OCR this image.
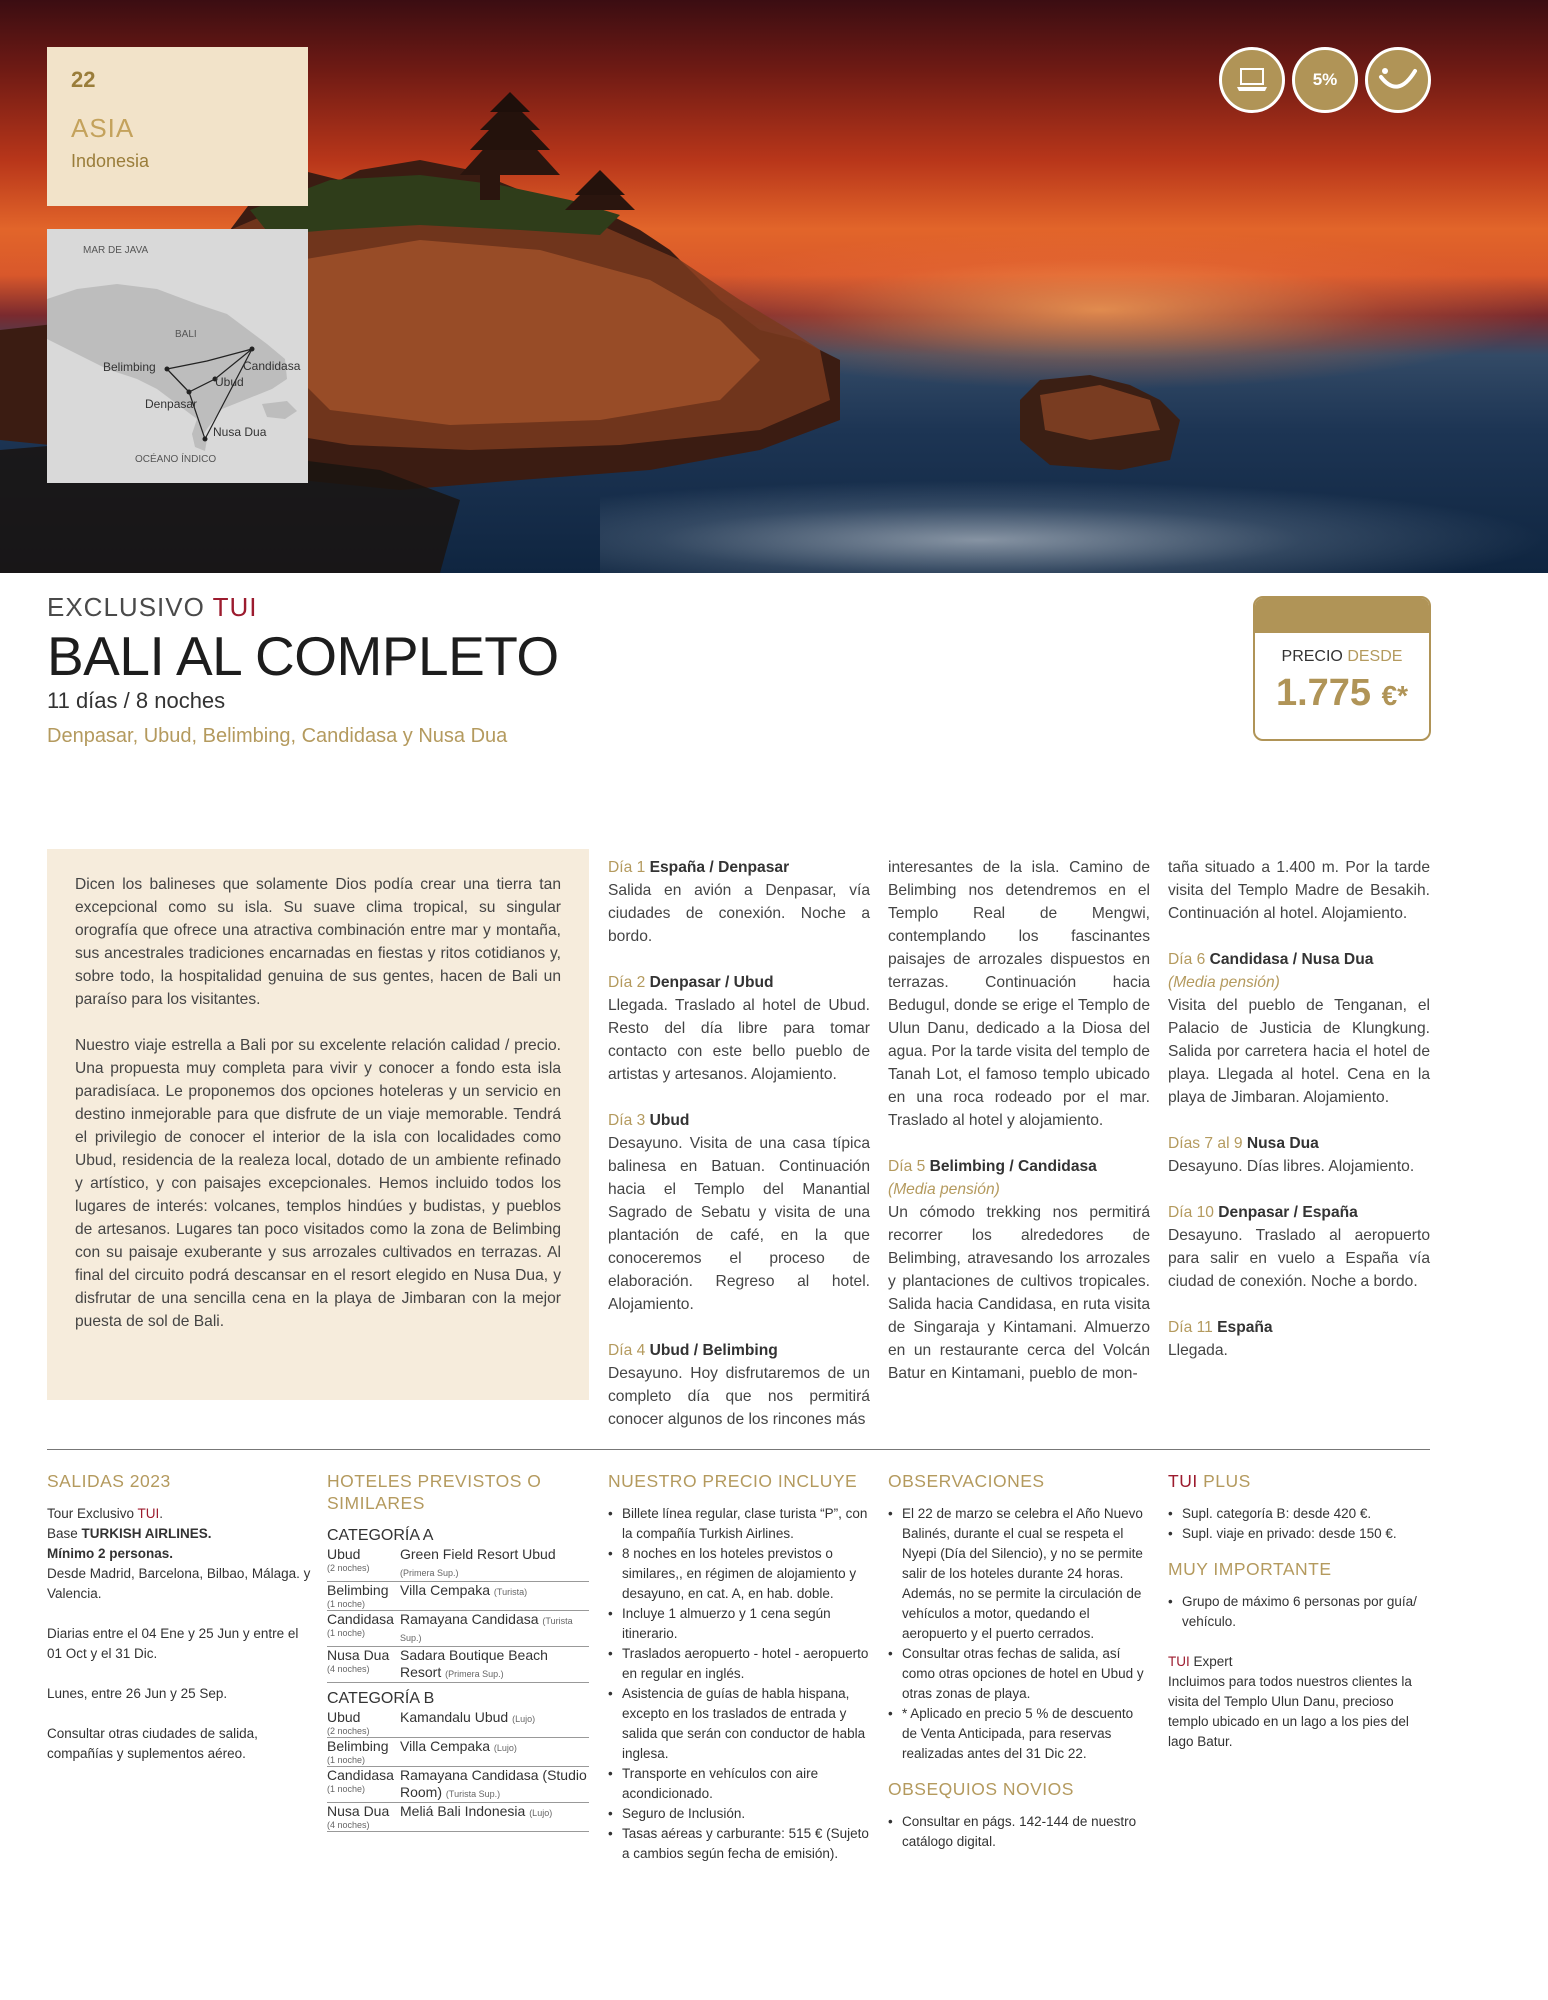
22
ASIA
Indonesia
MAR DE JAVA
BALI
OCÉANO ÍNDICO
Belimbing	Candidasa
Ubud
Denpasar
Nusa Dua
5%
EXCLUSIVO TUI
BALI AL COMPLETO
11 días / 8 noches
Denpasar, Ubud, Belimbing, Candidasa y Nusa Dua
PRECIO DESDE
1.775 €*

Dicen los balineses que solamente Dios podía crear una tierra tan excepcional como su isla. Su suave clima tropical, su singular orografía que ofrece una atractiva combinación entre mar y montaña, sus ancestrales tradiciones encarnadas en fiestas y ritos cotidianos y, sobre todo, la hospitalidad genuina de sus gentes, hacen de Bali un paraíso para los visitantes.

Nuestro viaje estrella a Bali por su excelente relación calidad / precio. Una propuesta muy completa para vivir y conocer a fondo esta isla paradisíaca. Le proponemos dos opciones hoteleras y un servicio en destino inmejorable para que disfrute de un viaje memorable. Tendrá el privilegio de conocer el interior de la isla con localidades como Ubud, residencia de la realeza local, dotado de un ambiente refinado y artístico, y con paisajes excepcionales. Hemos incluido todos los lugares de interés: volcanes, templos hindúes y budistas, y pueblos de artesanos. Lugares tan poco visitados como la zona de Belimbing con su paisaje exuberante y sus arrozales cultivados en terrazas. Al final del circuito podrá descansar en el resort elegido en Nusa Dua, y disfrutar de una sencilla cena en la playa de Jimbaran con la mejor puesta de sol de Bali.

Día 1 España / Denpasar

Salida en avión a Denpasar, vía ciudades de conexión. Noche a bordo.

Día 2 Denpasar / Ubud

Llegada. Traslado al hotel de Ubud. Resto del día libre para tomar contacto con este bello pueblo de artistas y artesanos. Alojamiento.

Día 3 Ubud

Desayuno. Visita de una casa típica balinesa en Batuan. Continuación hacia el Templo del Manantial Sagrado de Sebatu y visita de una plantación de café, en la que conoceremos el proceso de elaboración. Regreso al hotel. Alojamiento.

Día 4 Ubud / Belimbing

Desayuno. Hoy disfrutaremos de un completo día que nos permitirá conocer algunos de los rincones más

interesantes de la isla. Camino de Belimbing nos detendremos en el Templo Real de Mengwi, contemplando los fascinantes paisajes de arrozales dispuestos en terrazas. Continuación hacia Bedugul, donde se erige el Templo de Ulun Danu, dedicado a la Diosa del agua. Por la tarde visita del templo de Tanah Lot, el famoso templo ubicado en una roca rodeado por el mar. Traslado al hotel y alojamiento.

Día 5 Belimbing / Candidasa

(Media pensión)

Un cómodo trekking nos permitirá recorrer los alrededores de Belimbing, atravesando los arrozales y plantaciones de cultivos tropicales. Salida hacia Candidasa, en ruta visita de Singaraja y Kintamani. Almuerzo en un restaurante cerca del Volcán Batur en Kintamani, pueblo de mon-

taña situado a 1.400 m. Por la tarde visita del Templo Madre de Besakih. Continuación al hotel. Alojamiento.

Día 6 Candidasa / Nusa Dua

(Media pensión)

Visita del pueblo de Tenganan, el Palacio de Justicia de Klungkung. Salida por carretera hacia el hotel de playa. Llegada al hotel. Cena en la playa de Jimbaran. Alojamiento.

Días 7 al 9 Nusa Dua

Desayuno. Días libres. Alojamiento.

Día 10 Denpasar / España

Desayuno. Traslado al aeropuerto para salir en vuelo a España vía ciudad de conexión. Noche a bordo.

Día 11 España

Llegada.

SALIDAS 2023
Tour Exclusivo TUI.
Base TURKISH AIRLINES.
Mínimo 2 personas.

Desde Madrid, Barcelona, Bilbao, Málaga. y Valencia.

Diarias entre el 04 Ene y 25 Jun y entre el 01 Oct y el 31 Dic.

Lunes, entre 26 Jun y 25 Sep.

Consultar otras ciudades de salida, compañías y suplementos aéreo.

HOTELES PREVISTOS O SIMILARES
CATEGORÍA A
Ubud
(2 noches)
Green Field Resort Ubud (Primera Sup.)
Belimbing
(1 noche)
Villa Cempaka (Turista)
Candidasa
(1 noche)
Ramayana Candidasa (Turista Sup.)
Nusa Dua
(4 noches)
Sadara Boutique Beach Resort (Primera Sup.)
CATEGORÍA B
Ubud
(2 noches)
Kamandalu Ubud (Lujo)
Belimbing
(1 noche)
Villa Cempaka (Lujo)
Candidasa
(1 noche)
Ramayana Candidasa (Studio Room) (Turista Sup.)
Nusa Dua
(4 noches)
Meliá Bali Indonesia (Lujo)
NUESTRO PRECIO INCLUYE
• Billete línea regular, clase turista “P”, con la compañía Turkish Airlines.
• 8 noches en los hoteles previstos o similares,, en régimen de alojamiento y desayuno, en cat. A, en hab. doble.
• Incluye 1 almuerzo y 1 cena según itinerario.
• Traslados aeropuerto - hotel - aeropuerto en regular en inglés.
• Asistencia de guías de habla hispana, excepto en los traslados de entrada y salida que serán con conductor de habla inglesa.
• Transporte en vehículos con aire acondicionado.
• Seguro de Inclusión.
• Tasas aéreas y carburante: 515 € (Sujeto a cambios según fecha de emisión).
OBSERVACIONES
• El 22 de marzo se celebra el Año Nuevo Balinés, durante el cual se respeta el Nyepi (Día del Silencio), y no se permite salir de los hoteles durante 24 horas. Además, no se permite la circulación de vehículos a motor, quedando el aeropuerto y el puerto cerrados.
• Consultar otras fechas de salida, así como otras opciones de hotel en Ubud y otras zonas de playa.
• * Aplicado en precio 5 % de descuento de Venta Anticipada, para reservas realizadas antes del 31 Dic 22.
OBSEQUIOS NOVIOS
• Consultar en págs. 142-144 de nuestro catálogo digital.
TUI PLUS
• Supl. categoría B: desde 420 €.
• Supl. viaje en privado: desde 150 €.
MUY IMPORTANTE
• Grupo de máximo 6 personas por guía/ vehículo.
TUI Expert
Incluimos para todos nuestros clientes la visita del Templo Ulun Danu, precioso templo ubicado en un lago a los pies del lago Batur.
